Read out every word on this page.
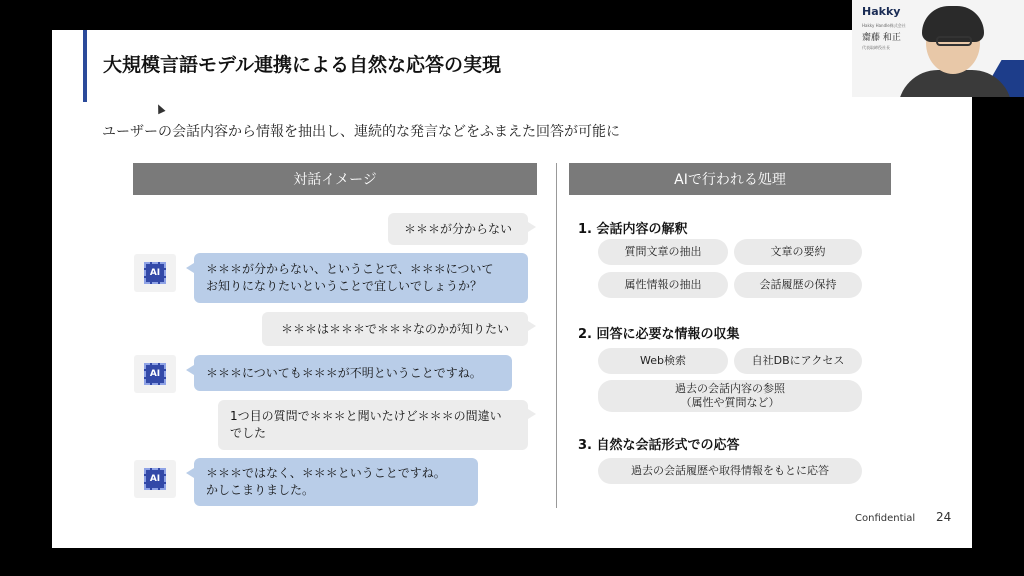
大規模言語モデル連携による自然な応答の実現
ユーザーの会話内容から情報を抽出し、連続的な発言などをふまえた回答が可能に
対話イメージ	AIで行われる処理
＊＊＊が分からない
AI	＊＊＊が分からない、ということで、＊＊＊について
お知りになりたいということで宜しいでしょうか？
＊＊＊は＊＊＊で＊＊＊なのかが知りたい
AI	＊＊＊についても＊＊＊が不明ということですね。
1つ目の質問で＊＊＊と聞いたけど＊＊＊の間違い
でした
AI	＊＊＊ではなく、＊＊＊ということですね。
かしこまりました。
1. 会話内容の解釈
質問文章の抽出	文章の要約
属性情報の抽出	会話履歴の保持
2. 回答に必要な情報の収集
Web検索	自社DBにアクセス
過去の会話内容の参照
（属性や質問など）
3. 自然な会話形式での応答
過去の会話履歴や取得情報をもとに応答
Confidential 24
Hakky
Hakky Handle株式会社
齋藤 和正
代表取締役社長
